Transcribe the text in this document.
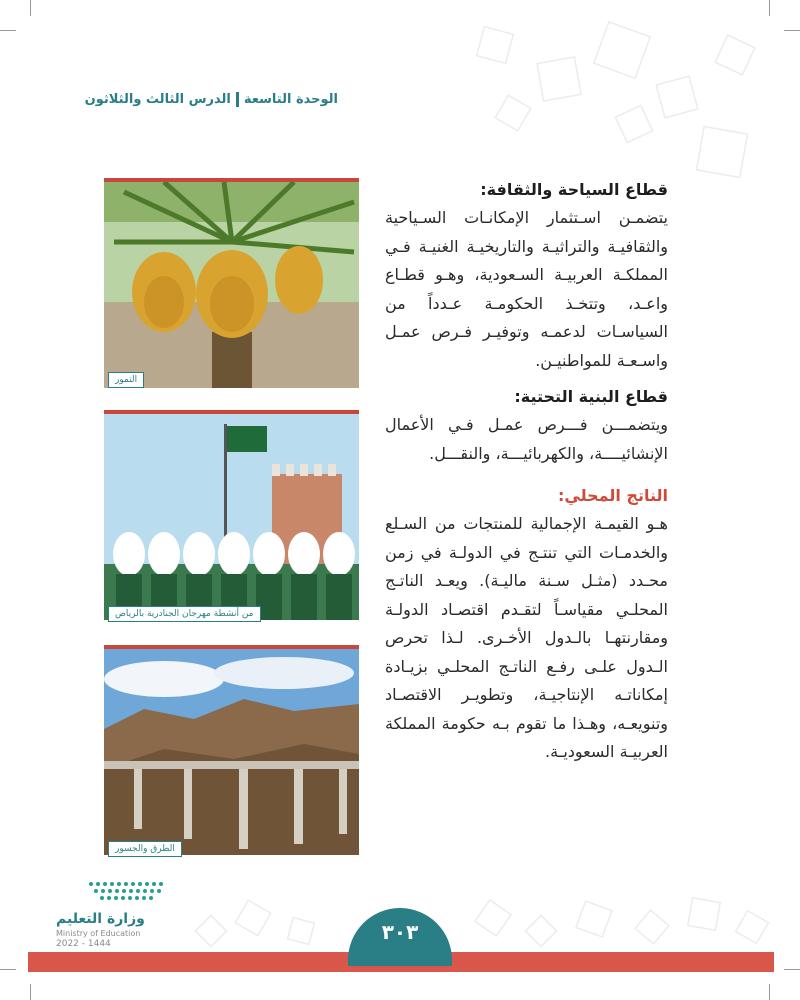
الوحدة التاسعةالدرس الثالث والثلاثون
قطاع السياحة والثقافة:

يتضمـن اسـتثمار الإمكانـات السـياحية والثقافيـة والتراثيـة والتاريخيـة الغنيـة فـي المملكـة العربيـة السـعودية، وهـو قطـاع واعـد، وتتخـذ الحكومـة عـدداً من السياسـات لدعمـه وتوفيـر فـرص عمـل واسـعـة للمواطنيـن.

قطاع البنية التحتية:

ويتضمـــن فـــرص عمـل فـي الأعمال الإنشائيــــة، والكهربائيـــة، والنقـــل.

الناتج المحلي:

هـو القيمـة الإجمالية للمنتجات من السـلع والخدمـات التي تنتـج في الدولـة في زمن محـدد (مثـل سـنة ماليـة). ويعـد الناتـج المحلـي مقياسـاً لتقـدم اقتصـاد الدولـة ومقارنتهـا بالـدول الأخـرى. لـذا تحرص الـدول علـى رفـع الناتـج المحلـي بزيـادة إمكاناتـه الإنتاجيـة، وتطويـر الاقتصـاد وتنويعـه، وهـذا ما تقوم بـه حكومة المملكة العربيـة السعوديـة.

التمور
من أنشطة مهرجان الجنادرية بالرياض
الطرق والجسور
٣٠٣
وزارة التعليم
Ministry of Education
2022 - 1444
